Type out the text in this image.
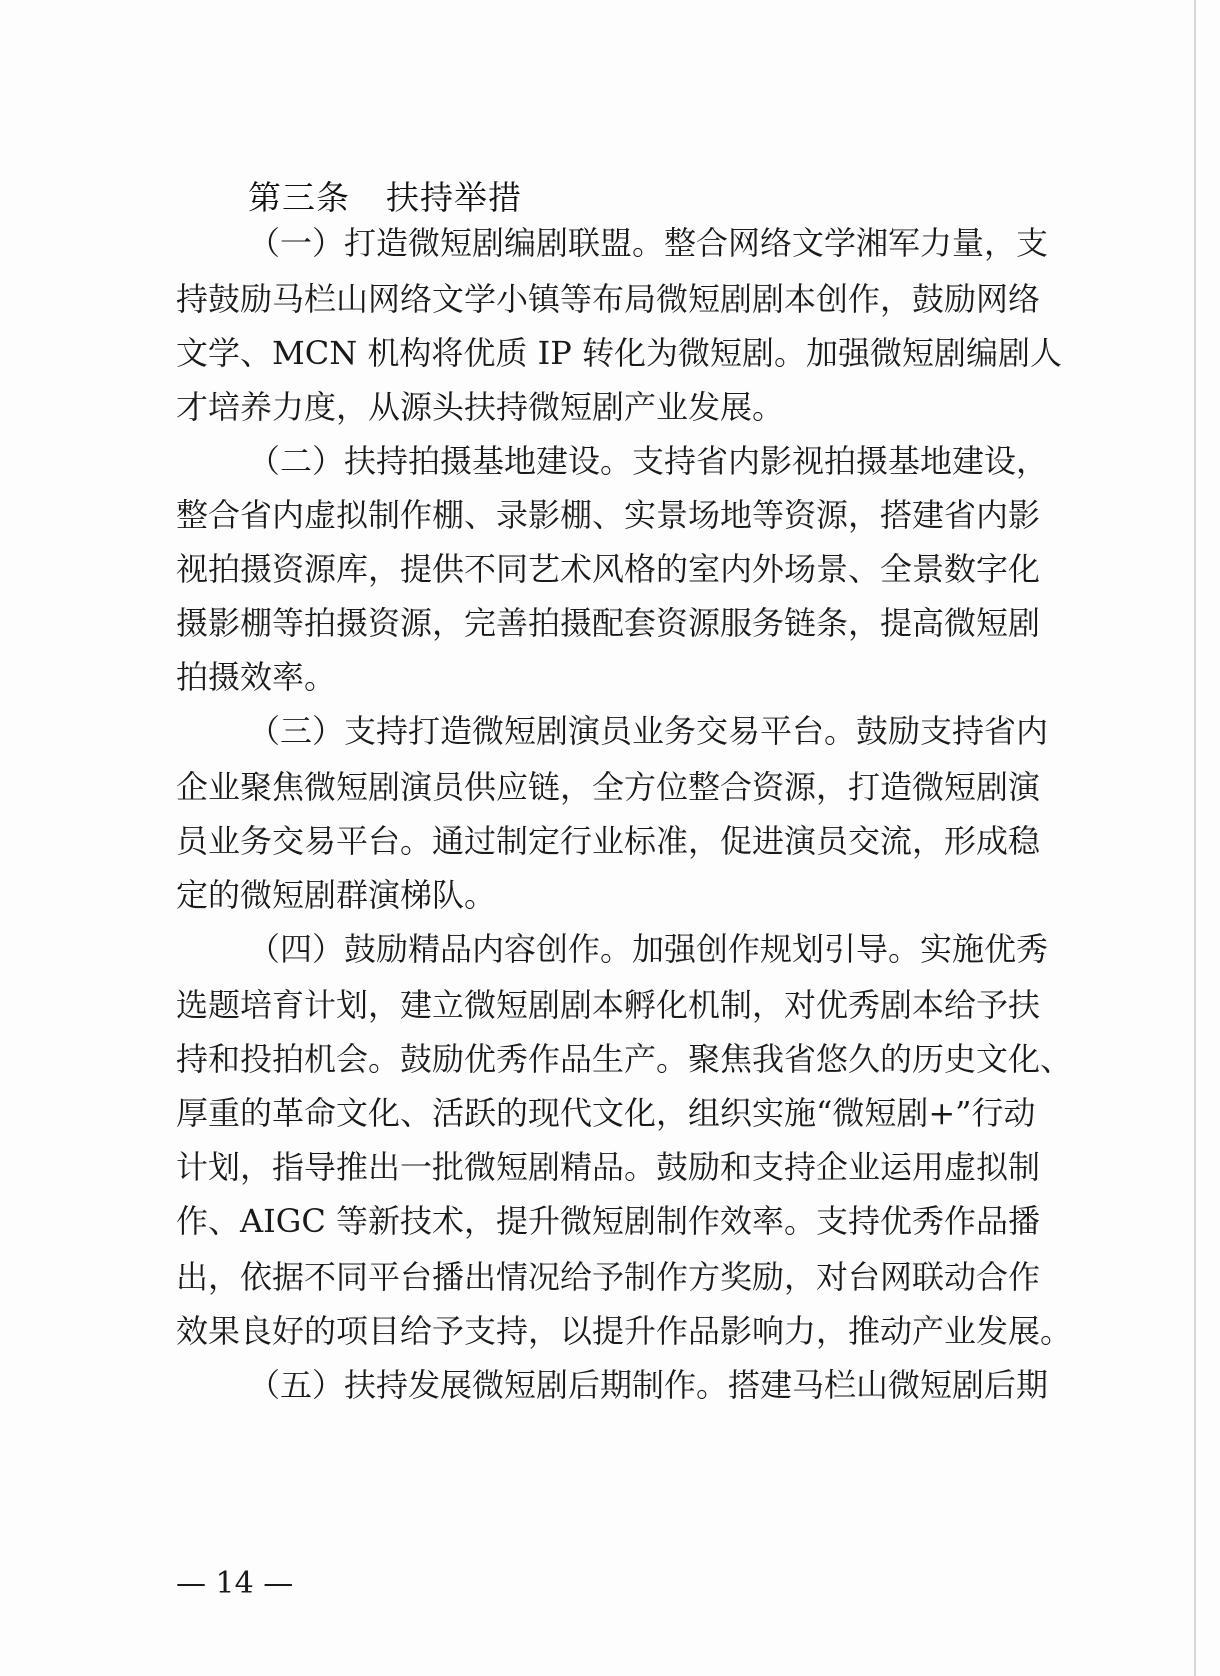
第三条 扶持举措
（一）打造微短剧编剧联盟。整合网络文学湘军力量，支
持鼓励马栏山网络文学小镇等布局微短剧剧本创作，鼓励网络
文学、MCN 机构将优质 IP 转化为微短剧。加强微短剧编剧人
才培养力度，从源头扶持微短剧产业发展。
（二）扶持拍摄基地建设。支持省内影视拍摄基地建设，
整合省内虚拟制作棚、录影棚、实景场地等资源，搭建省内影
视拍摄资源库，提供不同艺术风格的室内外场景、全景数字化
摄影棚等拍摄资源，完善拍摄配套资源服务链条，提高微短剧
拍摄效率。
（三）支持打造微短剧演员业务交易平台。鼓励支持省内
企业聚焦微短剧演员供应链，全方位整合资源，打造微短剧演
员业务交易平台。通过制定行业标准，促进演员交流，形成稳
定的微短剧群演梯队。
（四）鼓励精品内容创作。加强创作规划引导。实施优秀
选题培育计划，建立微短剧剧本孵化机制，对优秀剧本给予扶
持和投拍机会。鼓励优秀作品生产。聚焦我省悠久的历史文化、
厚重的革命文化、活跃的现代文化，组织实施“微短剧+”行动
计划，指导推出一批微短剧精品。鼓励和支持企业运用虚拟制
作、AIGC 等新技术，提升微短剧制作效率。支持优秀作品播
出，依据不同平台播出情况给予制作方奖励，对台网联动合作
效果良好的项目给予支持，以提升作品影响力，推动产业发展。
（五）扶持发展微短剧后期制作。搭建马栏山微短剧后期
— 14 —
